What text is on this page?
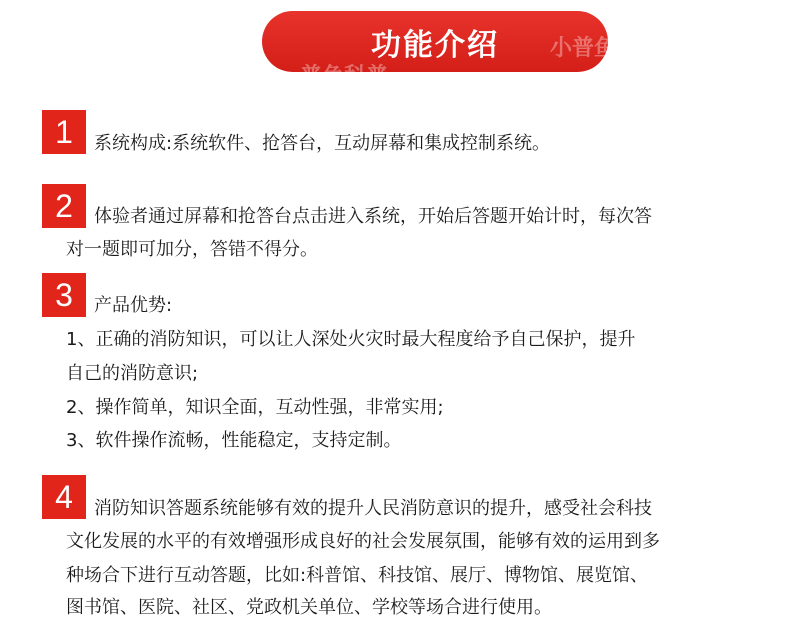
小普鱼
普鱼科普
功能介绍
1	系统构成:系统软件、抢答台，互动屏幕和集成控制系统。
2	体验者通过屏幕和抢答台点击进入系统，开始后答题开始计时，每次答
对一题即可加分，答错不得分。
3	产品优势:
1、正确的消防知识，可以让人深处火灾时最大程度给予自己保护，提升
自己的消防意识;
2、操作简单，知识全面，互动性强，非常实用;
3、软件操作流畅，性能稳定，支持定制。
4	消防知识答题系统能够有效的提升人民消防意识的提升，感受社会科技
文化发展的水平的有效增强形成良好的社会发展氛围，能够有效的运用到多
种场合下进行互动答题，比如:科普馆、科技馆、展厅、博物馆、展览馆、
图书馆、医院、社区、党政机关单位、学校等场合进行使用。
